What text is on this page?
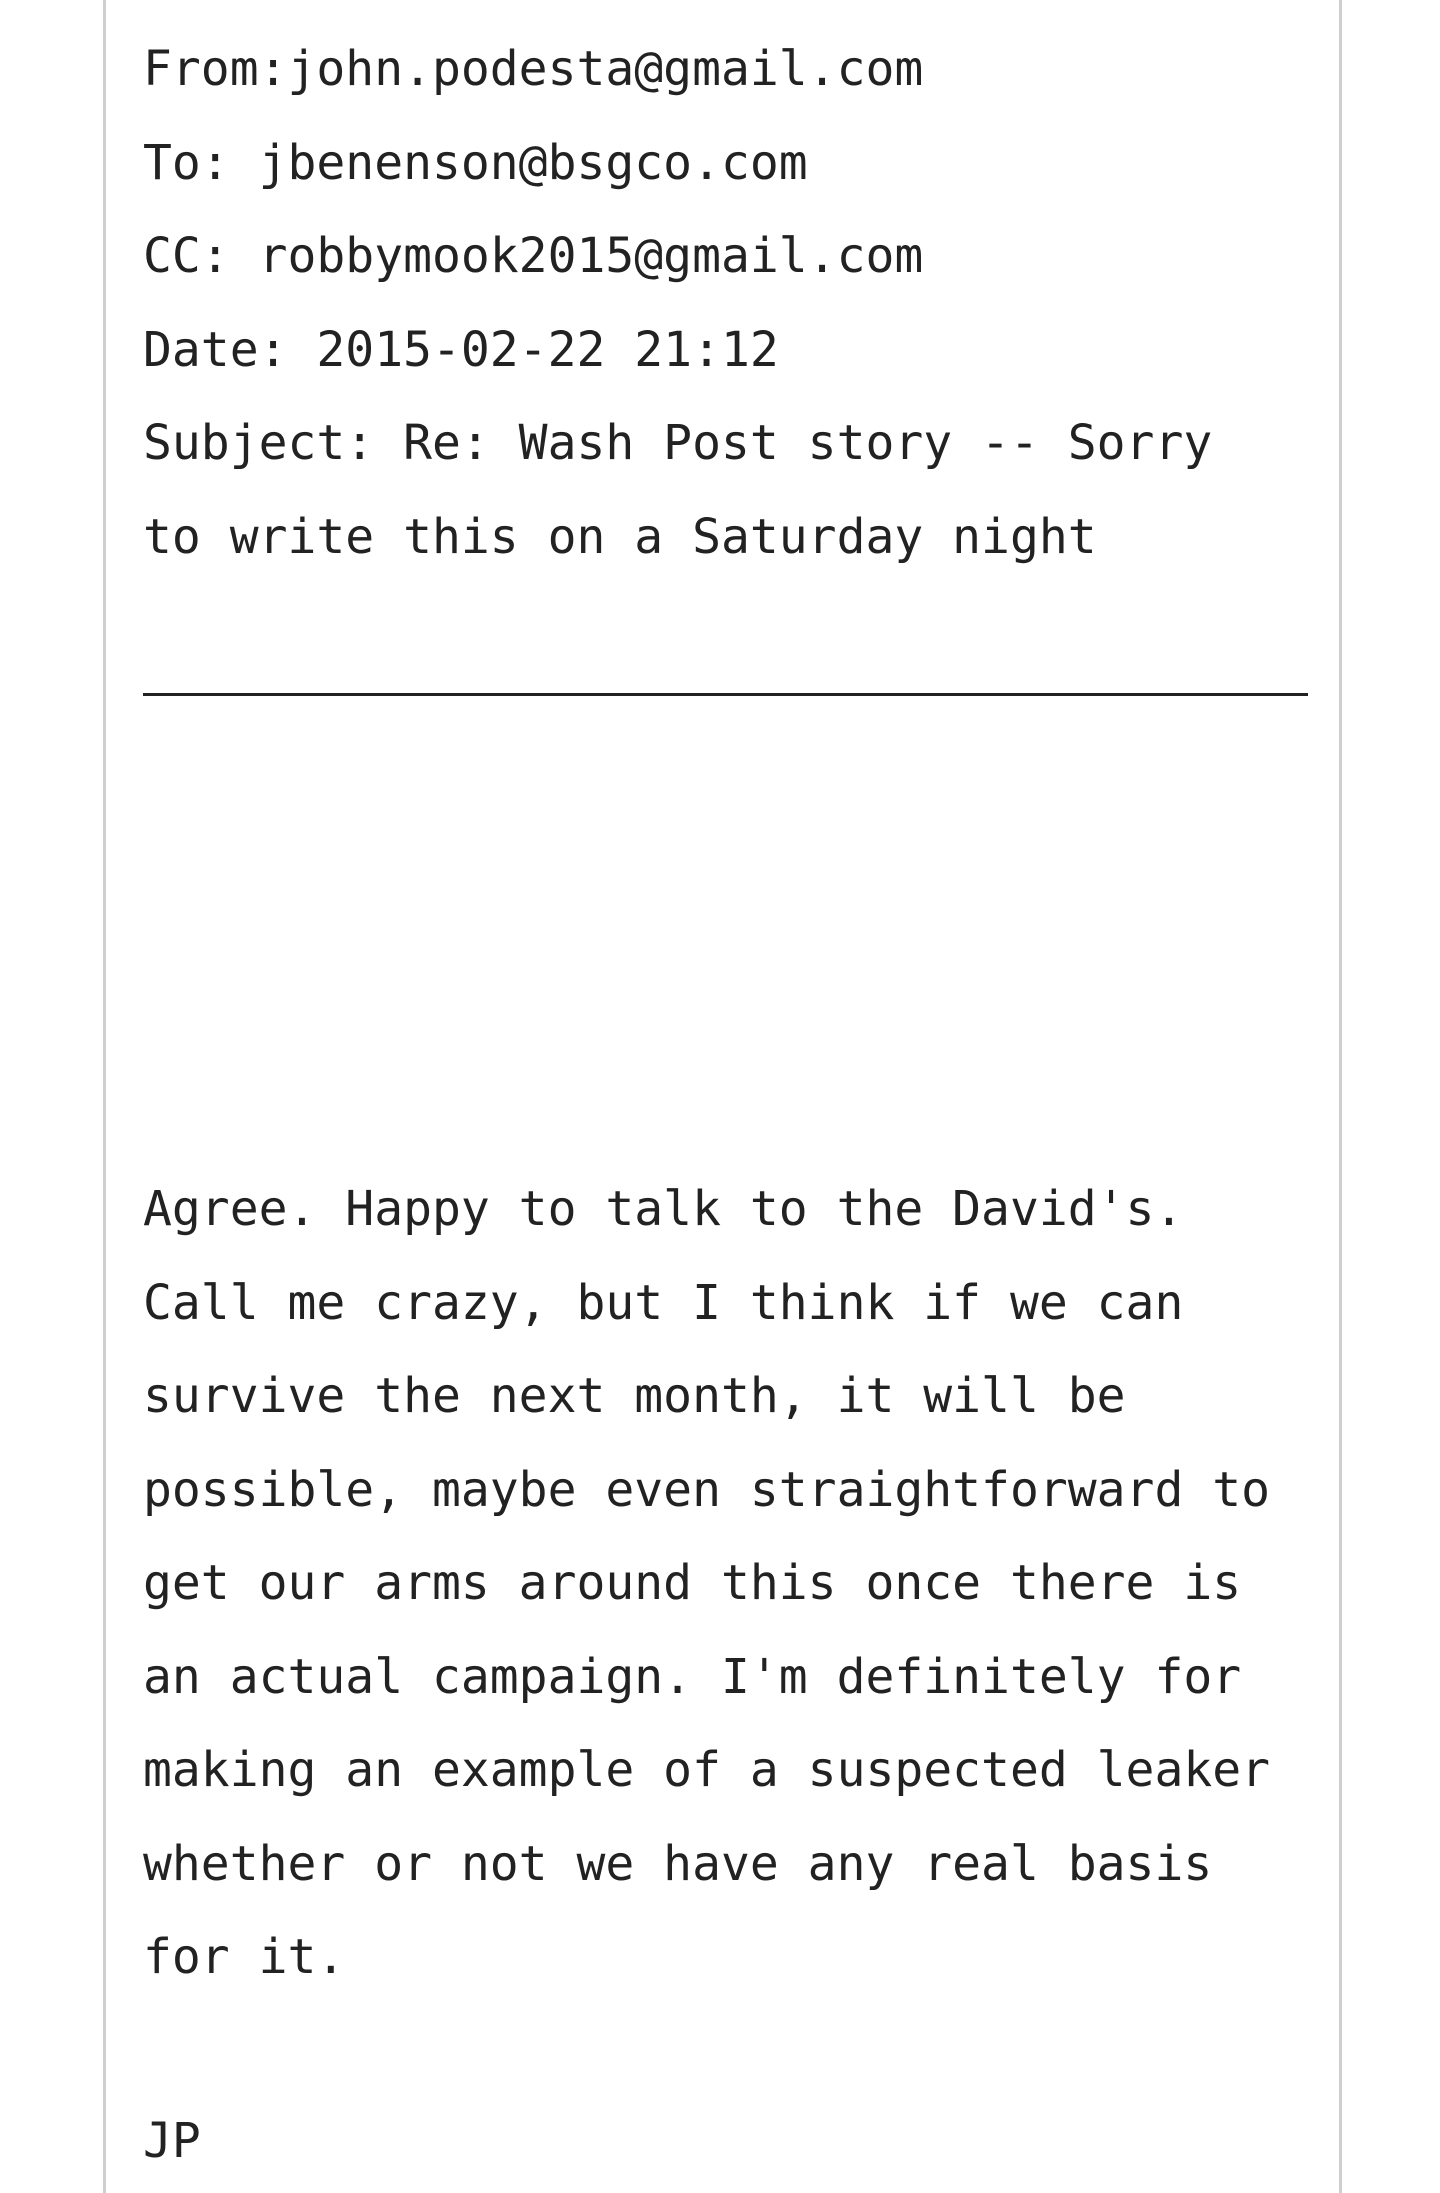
From:john.podesta@gmail.com
To: jbenenson@bsgco.com
CC: robbymook2015@gmail.com
Date: 2015-02-22 21:12
Subject: Re: Wash Post story -- Sorry
to write this on a Saturday night
Agree. Happy to talk to the David's.
Call me crazy, but I think if we can
survive the next month, it will be
possible, maybe even straightforward to
get our arms around this once there is
an actual campaign. I'm definitely for
making an example of a suspected leaker
whether or not we have any real basis
for it.
JP
